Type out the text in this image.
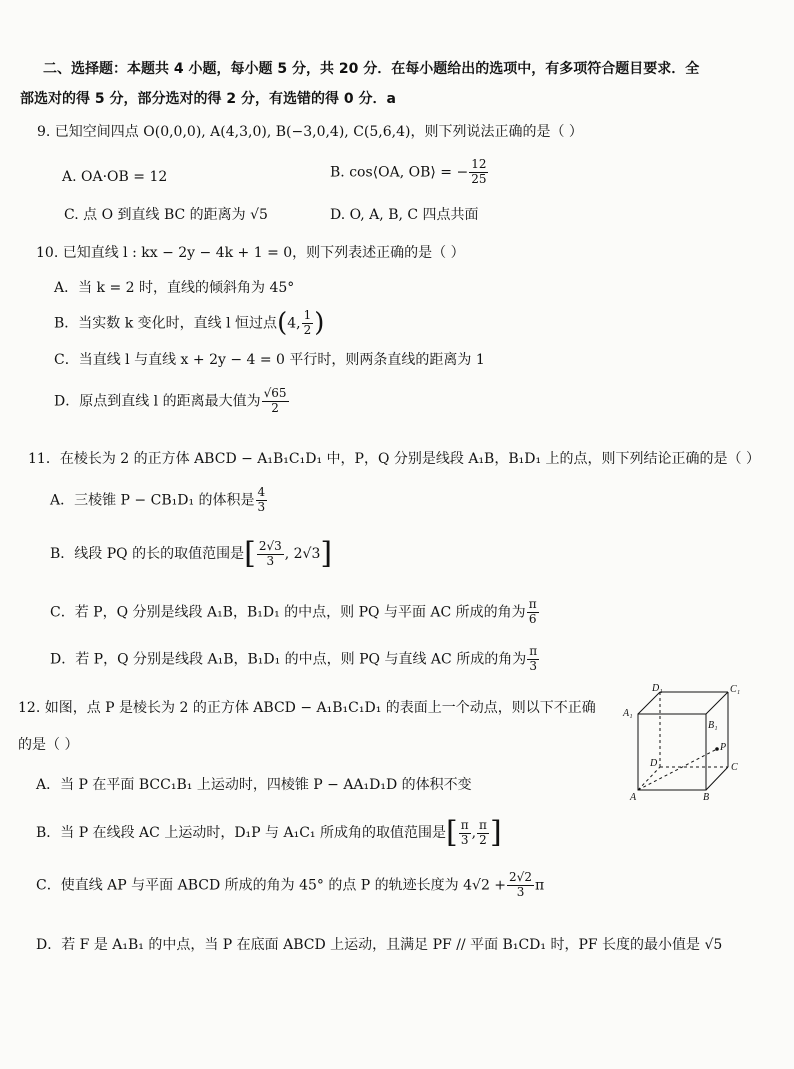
二、选择题：本题共 4 小题，每小题 5 分，共 20 分．在每小题给出的选项中，有多项符合题目要求．全
部选对的得 5 分，部分选对的得 2 分，有选错的得 0 分．a
9. 已知空间四点 O(0,0,0), A(4,3,0), B(−3,0,4), C(5,6,4)，则下列说法正确的是（ ）
A. OA·OB = 12	B. cos⟨OA, OB⟩ = − $\frac{12}{25}$
C. 点 O 到直线 BC 的距离为 √5	D. O, A, B, C 四点共面
10. 已知直线 l : kx − 2y − 4k + 1 = 0，则下列表述正确的是（ ）
A．当 k = 2 时，直线的倾斜角为 45°
B．当实数 k 变化时，直线 l 恒过点(4, $\frac{1}{2}$ )
C．当直线 l 与直线 x + 2y − 4 = 0 平行时，则两条直线的距离为 1
D．原点到直线 l 的距离最大值为 $\frac{√65}{2}$
11．在棱长为 2 的正方体 ABCD − A₁B₁C₁D₁ 中，P，Q 分别是线段 A₁B，B₁D₁ 上的点，则下列结论正确的是（ ）
A．三棱锥 P − CB₁D₁ 的体积是 $\frac{4}{3}$
B．线段 PQ 的长的取值范围是[ $\frac{2√3}{3}$ , 2√3]
C．若 P，Q 分别是线段 A₁B，B₁D₁ 的中点，则 PQ 与平面 AC 所成的角为 $\frac{\pi}{6}$
D．若 P，Q 分别是线段 A₁B，B₁D₁ 的中点，则 PQ 与直线 AC 所成的角为 $\frac{\pi}{3}$
12. 如图，点 P 是棱长为 2 的正方体 ABCD − A₁B₁C₁D₁ 的表面上一个动点，则以下不正确
的是（ ）
A．当 P 在平面 BCC₁B₁ 上运动时，四棱锥 P − AA₁D₁D 的体积不变
B．当 P 在线段 AC 上运动时，D₁P 与 A₁C₁ 所成角的取值范围是[ $\frac{\pi}{3}$ , $\frac{\pi}{2}$ ]
C．使直线 AP 与平面 ABCD 所成的角为 45° 的点 P 的轨迹长度为 $4√2 + \frac{2√2}{3}$ π
D．若 F 是 A₁B₁ 的中点，当 P 在底面 ABCD 上运动，且满足 PF // 平面 B₁CD₁ 时，PF 长度的最小值是 √5
D₁	C₁
A₁
B₁
P
D	C
A	B
